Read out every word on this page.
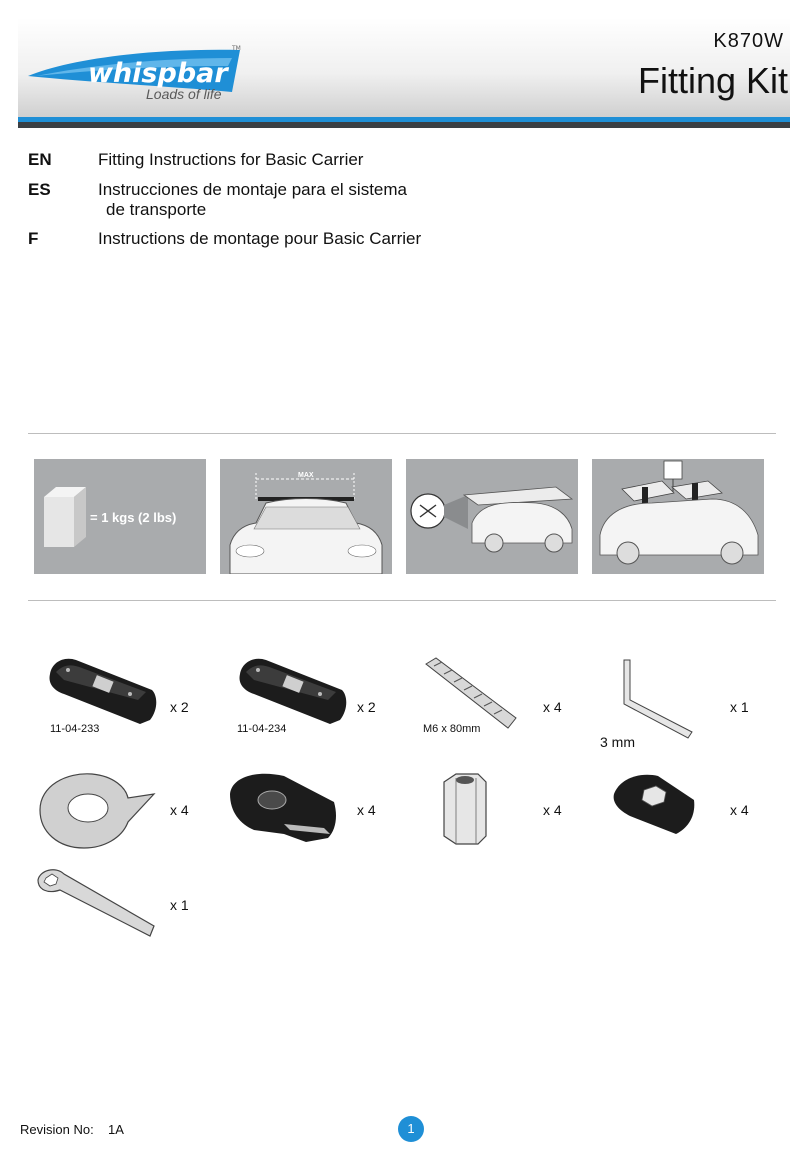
whispbar
TM
Loads of life
K870W
Fitting Kit
EN	Fitting Instructions for Basic Carrier
ES	Instrucciones de montaje para el sistema
de transporte
F	Instructions de montage pour Basic Carrier
= 1 kgs (2 lbs)
MAX
11-04-233
x 2
11-04-234
x 2
M6 x 80mm
x 4
3 mm
x 1
x 4	x 4	x 4	x 4
x 1
Revision No: 1A	1
